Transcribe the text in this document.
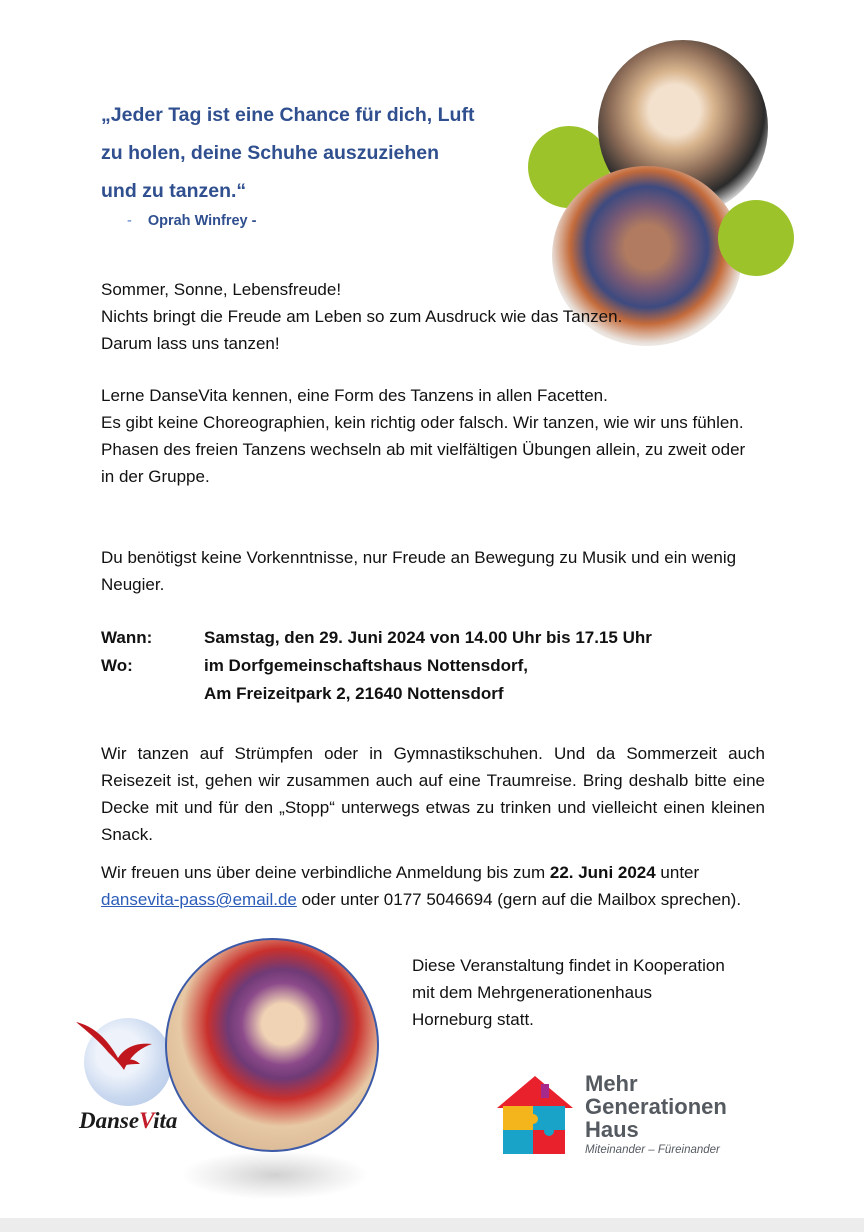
„Jeder Tag ist eine Chance für dich, Luft
zu holen, deine Schuhe auszuziehen
und zu tanzen.“
- Oprah Winfrey -

Sommer, Sonne, Lebensfreude!

Nichts bringt die Freude am Leben so zum Ausdruck wie das Tanzen.

Darum lass uns tanzen!

Lerne DanseVita kennen, eine Form des Tanzens in allen Facetten.

Es gibt keine Choreographien, kein richtig oder falsch. Wir tanzen, wie wir uns fühlen.

Phasen des freien Tanzens wechseln ab mit vielfältigen Übungen allein, zu zweit oder in der Gruppe.

Du benötigst keine Vorkenntnisse, nur Freude an Bewegung zu Musik und ein wenig Neugier.
Wann:	Samstag, den 29. Juni 2024 von 14.00 Uhr bis 17.15 Uhr
Wo:	im Dorfgemeinschaftshaus Nottensdorf,
Am Freizeitpark 2, 21640 Nottensdorf
Wir tanzen auf Strümpfen oder in Gymnastikschuhen. Und da Sommerzeit auch Reisezeit ist, gehen wir zusammen auch auf eine Traumreise. Bring deshalb bitte eine Decke mit und für den „Stopp“ unterwegs etwas zu trinken und vielleicht einen kleinen Snack.
Wir freuen uns über deine verbindliche Anmeldung bis zum 22. Juni 2024 unter
dansevita-pass@email.de oder unter 0177 5046694 (gern auf die Mailbox sprechen).
Diese Veranstaltung findet in Kooperation
mit dem Mehrgenerationenhaus
Horneburg statt.
DanseVita
Mehr
Generationen
Haus
Miteinander – Füreinander
